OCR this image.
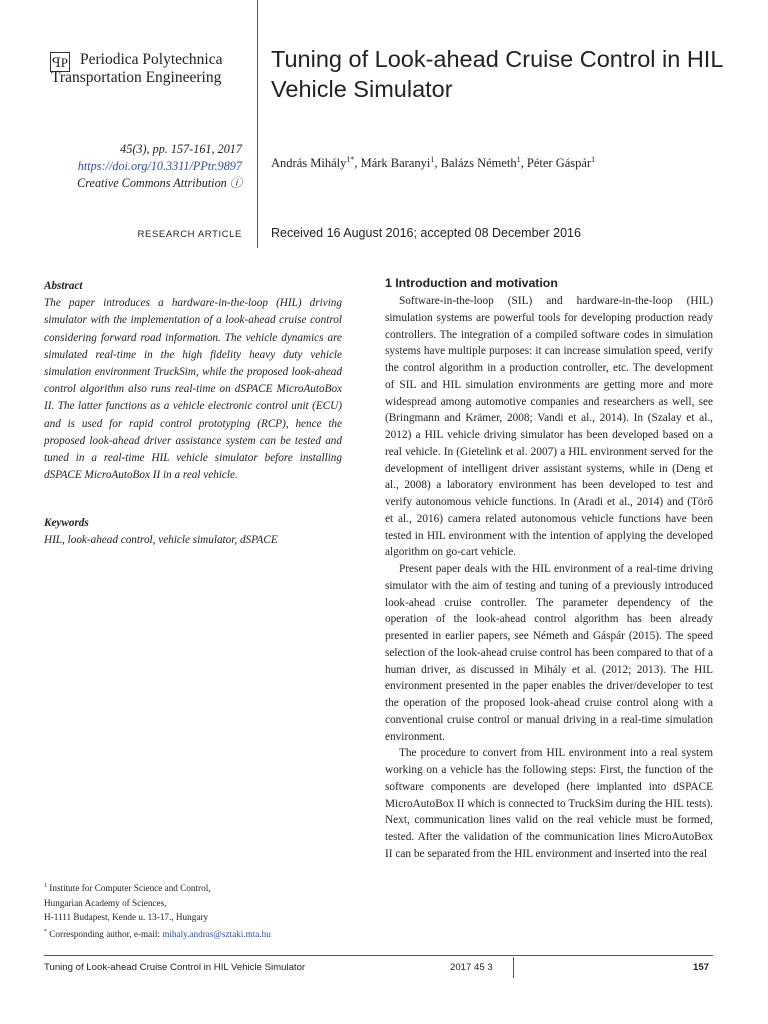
ꟼP Periodica Polytechnica
Transportation Engineering
Tuning of Look-ahead Cruise Control in HIL Vehicle Simulator
45(3), pp. 157-161, 2017
https://doi.org/10.3311/PPtr.9897
Creative Commons Attribution ⓘ
András Mihály$^{1*}$, Márk Baranyi$^1$, Balázs Németh$^1$, Péter Gáspár$^1$
RESEARCH ARTICLE Received 16 August 2016; accepted 08 December 2016
Abstract
The paper introduces a hardware-in-the-loop (HIL) driving simulator with the implementation of a look-ahead cruise control considering forward road information. The vehicle dynamics are simulated real-time in the high fidelity heavy duty vehicle simulation environment TruckSim, while the proposed look-ahead control algorithm also runs real-time on dSPACE MicroAutoBox II. The latter functions as a vehicle electronic control unit (ECU) and is used for rapid control prototyping (RCP), hence the proposed look-ahead driver assistance system can be tested and tuned in a real-time HIL vehicle simulator before installing dSPACE MicroAutoBox II in a real vehicle.
Keywords
HIL, look-ahead control, vehicle simulator, dSPACE
$^1$ Institute for Computer Science and Control,
Hungarian Academy of Sciences,
H-1111 Budapest, Kende u. 13-17., Hungary
* Corresponding author, e-mail: mihaly.andras@sztaki.mta.hu
1 Introduction and motivation

Software-in-the-loop (SIL) and hardware-in-the-loop (HIL) simulation systems are powerful tools for developing production ready controllers. The integration of a compiled software codes in simulation systems have multiple purposes: it can increase simulation speed, verify the control algorithm in a production controller, etc. The development of SIL and HIL simulation environments are getting more and more widespread among automotive companies and researchers as well, see (Bringmann and Krämer, 2008; Vandi et al., 2014). In (Szalay et al., 2012) a HIL vehicle driving simulator has been developed based on a real vehicle. In (Gietelink et al. 2007) a HIL environment served for the development of intelligent driver assistant systems, while in (Deng et al., 2008) a laboratory environment has been developed to test and verify autonomous vehicle functions. In (Aradi et al., 2014) and (Törő et al., 2016) camera related autonomous vehicle functions have been tested in HIL environment with the intention of applying the developed algorithm on go-cart vehicle.

Present paper deals with the HIL environment of a real-time driving simulator with the aim of testing and tuning of a previously introduced look-ahead cruise controller. The parameter dependency of the operation of the look-ahead control algorithm has been already presented in earlier papers, see Németh and Gáspár (2015). The speed selection of the look-ahead cruise control has been compared to that of a human driver, as discussed in Mihály et al. (2012; 2013). The HIL environment presented in the paper enables the driver/developer to test the operation of the proposed look-ahead cruise control along with a conventional cruise control or manual driving in a real-time simulation environment.

The procedure to convert from HIL environment into a real system working on a vehicle has the following steps: First, the function of the software components are developed (here implanted into dSPACE MicroAutoBox II which is connected to TruckSim during the HIL tests). Next, communication lines valid on the real vehicle must be formed, tested. After the validation of the communication lines MicroAutoBox II can be separated from the HIL environment and inserted into the real

Tuning of Look-ahead Cruise Control in HIL Vehicle Simulator	2017 45 3	157
